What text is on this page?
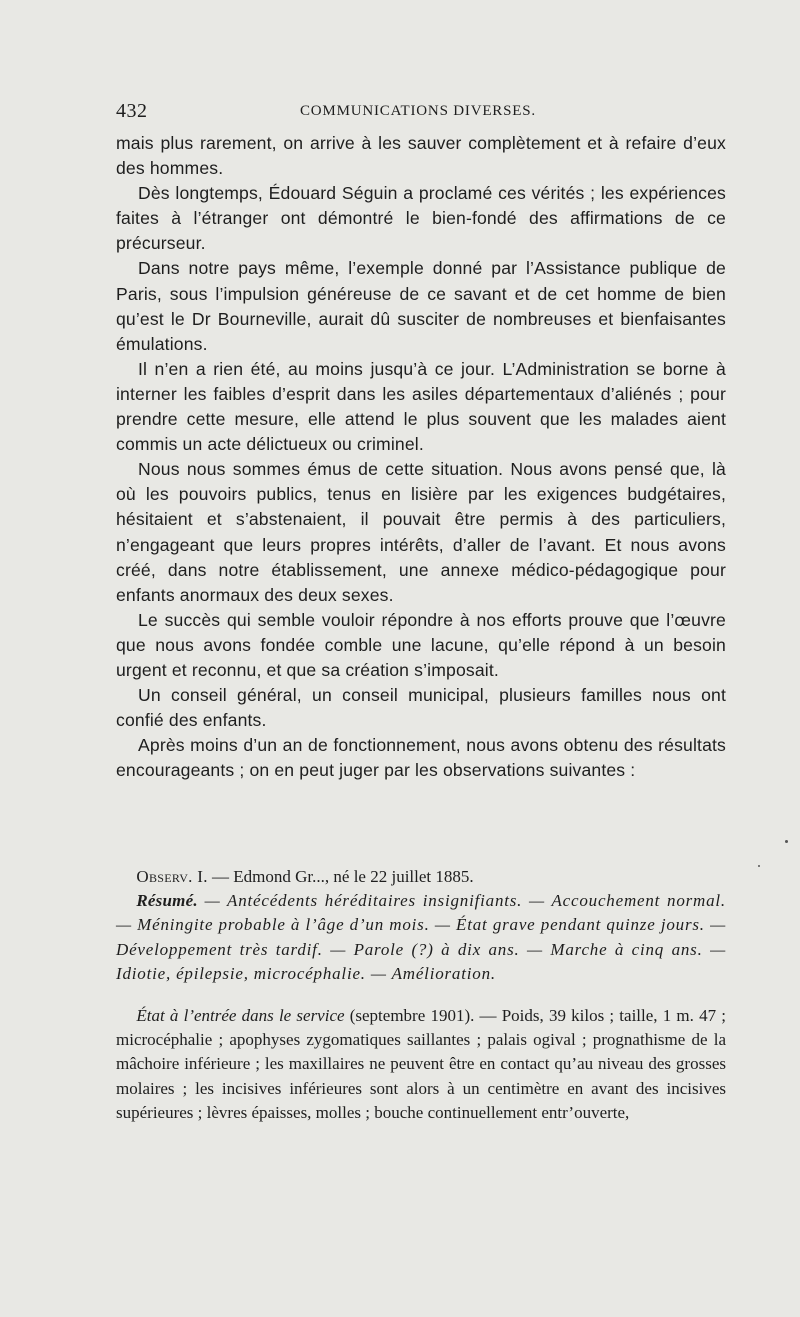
432	COMMUNICATIONS DIVERSES.

mais plus rarement, on arrive à les sauver complètement et à refaire d’eux des hommes.

Dès longtemps, Édouard Séguin a proclamé ces vérités ; les expériences faites à l’étranger ont démontré le bien-fondé des affirmations de ce précurseur.

Dans notre pays même, l’exemple donné par l’Assistance publique de Paris, sous l’impulsion généreuse de ce savant et de cet homme de bien qu’est le Dr Bourneville, aurait dû susciter de nombreuses et bienfaisantes émulations.

Il n’en a rien été, au moins jusqu’à ce jour. L’Administration se borne à interner les faibles d’esprit dans les asiles départementaux d’aliénés ; pour prendre cette mesure, elle attend le plus souvent que les malades aient commis un acte délictueux ou criminel.

Nous nous sommes émus de cette situation. Nous avons pensé que, là où les pouvoirs publics, tenus en lisière par les exigences budgétaires, hésitaient et s’abstenaient, il pouvait être permis à des particuliers, n’engageant que leurs propres intérêts, d’aller de l’avant. Et nous avons créé, dans notre établissement, une annexe médico-pédagogique pour enfants anormaux des deux sexes.

Le succès qui semble vouloir répondre à nos efforts prouve que l’œuvre que nous avons fondée comble une lacune, qu’elle répond à un besoin urgent et reconnu, et que sa création s’imposait.

Un conseil général, un conseil municipal, plusieurs familles nous ont confié des enfants.

Après moins d’un an de fonctionnement, nous avons obtenu des résultats encourageants ; on en peut juger par les observations suivantes :

Observ. I. — Edmond Gr..., né le 22 juillet 1885.

Résumé. — Antécédents héréditaires insignifiants. — Accouchement normal. — Méningite probable à l’âge d’un mois. — État grave pendant quinze jours. — Développement très tardif. — Parole (?) à dix ans. — Marche à cinq ans. — Idiotie, épilepsie, microcéphalie. — Amélioration.

État à l’entrée dans le service (septembre 1901). — Poids, 39 kilos ; taille, 1 m. 47 ; microcéphalie ; apophyses zygomatiques saillantes ; palais ogival ; prognathisme de la mâchoire inférieure ; les maxillaires ne peuvent être en contact qu’au niveau des grosses molaires ; les incisives inférieures sont alors à un centimètre en avant des incisives supérieures ; lèvres épaisses, molles ; bouche continuellement entr’ouverte,
